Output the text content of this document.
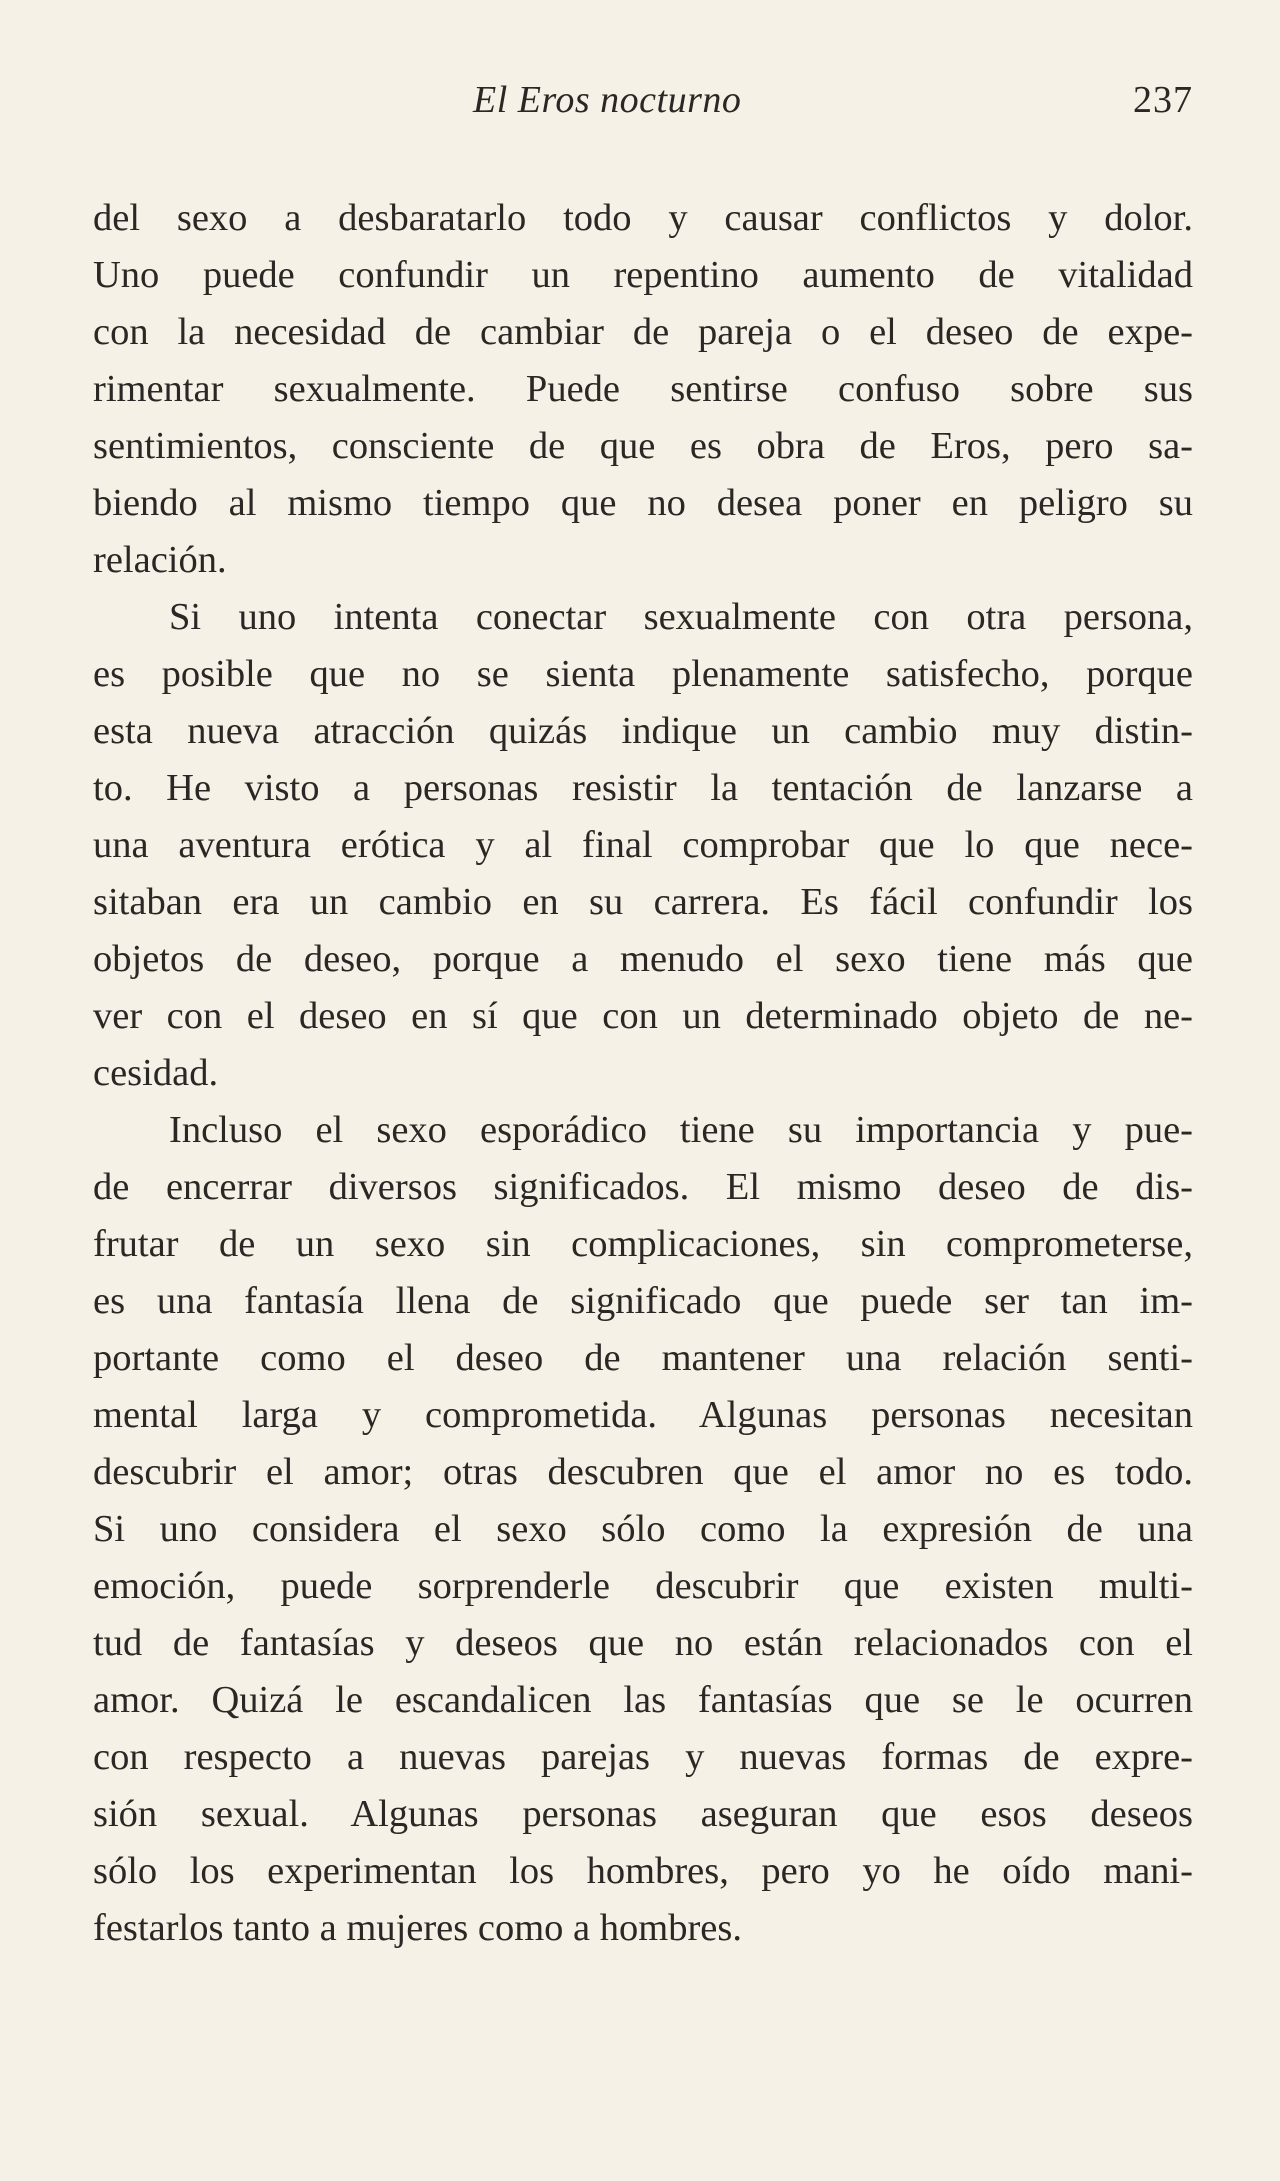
El Eros nocturno	237

del sexo a desbaratarlo todo y causar conflictos y dolor.
Uno puede confundir un repentino aumento de vitalidad
con la necesidad de cambiar de pareja o el deseo de expe-
rimentar sexualmente. Puede sentirse confuso sobre sus
sentimientos, consciente de que es obra de Eros, pero sa-
biendo al mismo tiempo que no desea poner en peligro su
relación.

Si uno intenta conectar sexualmente con otra persona,
es posible que no se sienta plenamente satisfecho, porque
esta nueva atracción quizás indique un cambio muy distin-
to. He visto a personas resistir la tentación de lanzarse a
una aventura erótica y al final comprobar que lo que nece-
sitaban era un cambio en su carrera. Es fácil confundir los
objetos de deseo, porque a menudo el sexo tiene más que
ver con el deseo en sí que con un determinado objeto de ne-
cesidad.

Incluso el sexo esporádico tiene su importancia y pue-
de encerrar diversos significados. El mismo deseo de dis-
frutar de un sexo sin complicaciones, sin comprometerse,
es una fantasía llena de significado que puede ser tan im-
portante como el deseo de mantener una relación senti-
mental larga y comprometida. Algunas personas necesitan
descubrir el amor; otras descubren que el amor no es todo.
Si uno considera el sexo sólo como la expresión de una
emoción, puede sorprenderle descubrir que existen multi-
tud de fantasías y deseos que no están relacionados con el
amor. Quizá le escandalicen las fantasías que se le ocurren
con respecto a nuevas parejas y nuevas formas de expre-
sión sexual. Algunas personas aseguran que esos deseos
sólo los experimentan los hombres, pero yo he oído mani-
festarlos tanto a mujeres como a hombres.
